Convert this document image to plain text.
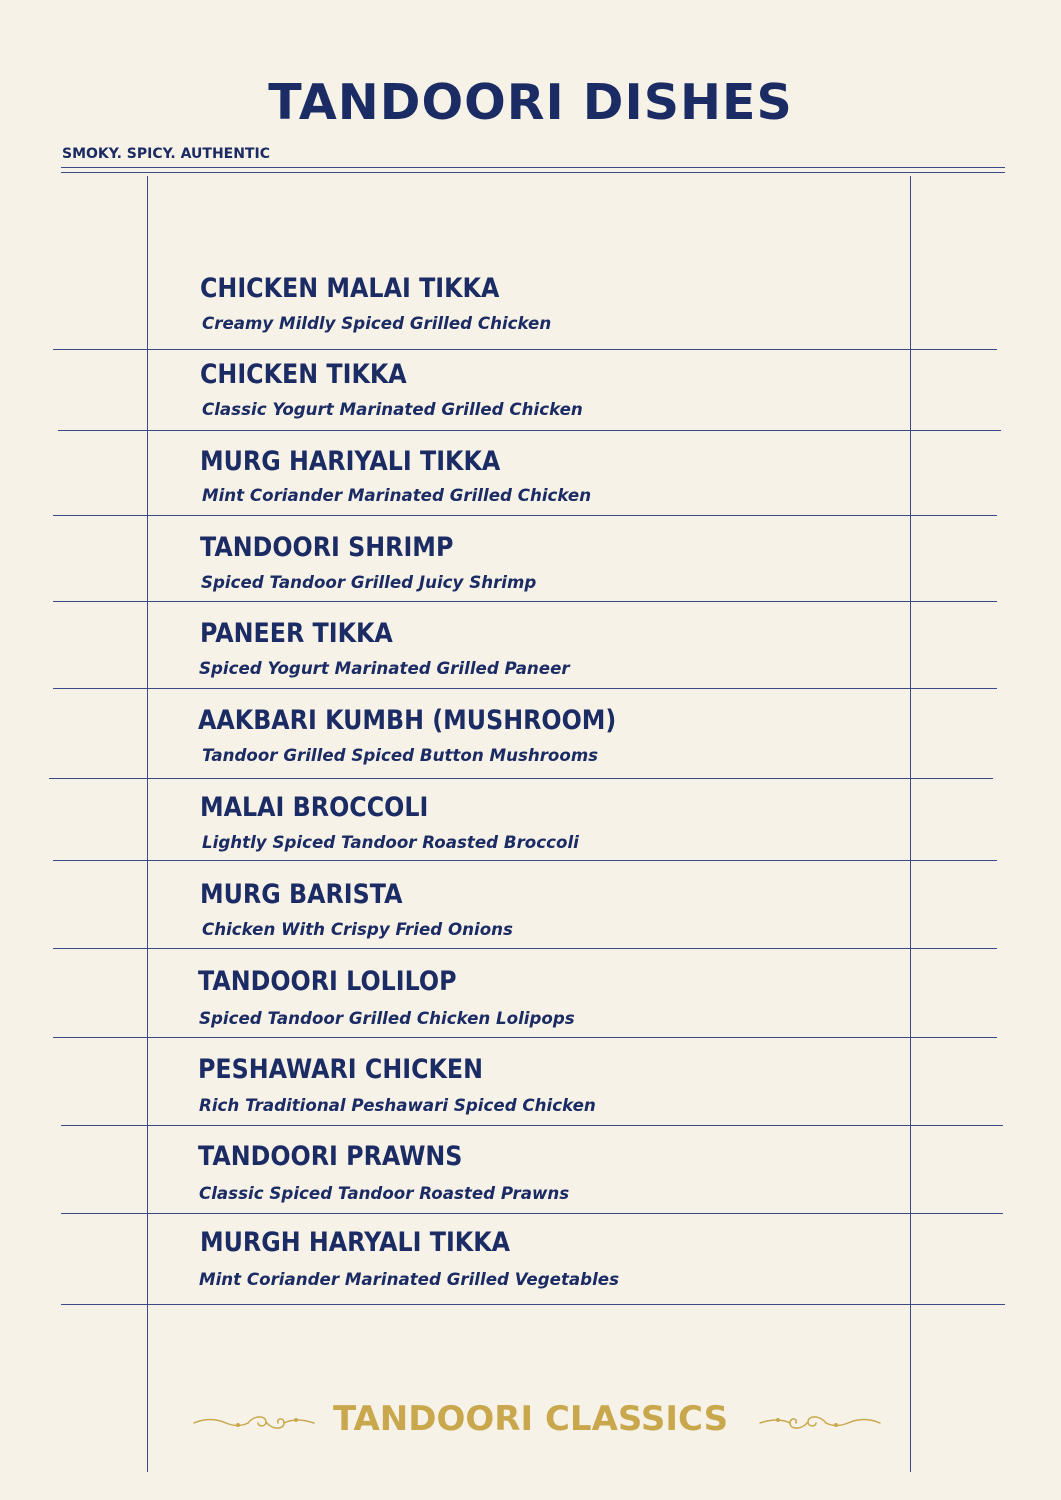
TANDOORI DISHES
SMOKY. SPICY. AUTHENTIC
CHICKEN MALAI TIKKA
Creamy Mildly Spiced Grilled Chicken
CHICKEN TIKKA
Classic Yogurt Marinated Grilled Chicken
MURG HARIYALI TIKKA
Mint Coriander Marinated Grilled Chicken
TANDOORI SHRIMP
Spiced Tandoor Grilled Juicy Shrimp
PANEER TIKKA
Spiced Yogurt Marinated Grilled Paneer
AAKBARI KUMBH (MUSHROOM)
Tandoor Grilled Spiced Button Mushrooms
MALAI BROCCOLI
Lightly Spiced Tandoor Roasted Broccoli
MURG BARISTA
Chicken With Crispy Fried Onions
TANDOORI LOLILOP
Spiced Tandoor Grilled Chicken Lolipops
PESHAWARI CHICKEN
Rich Traditional Peshawari Spiced Chicken
TANDOORI PRAWNS
Classic Spiced Tandoor Roasted Prawns
MURGH HARYALI TIKKA
Mint Coriander Marinated Grilled Vegetables
TANDOORI CLASSICS
